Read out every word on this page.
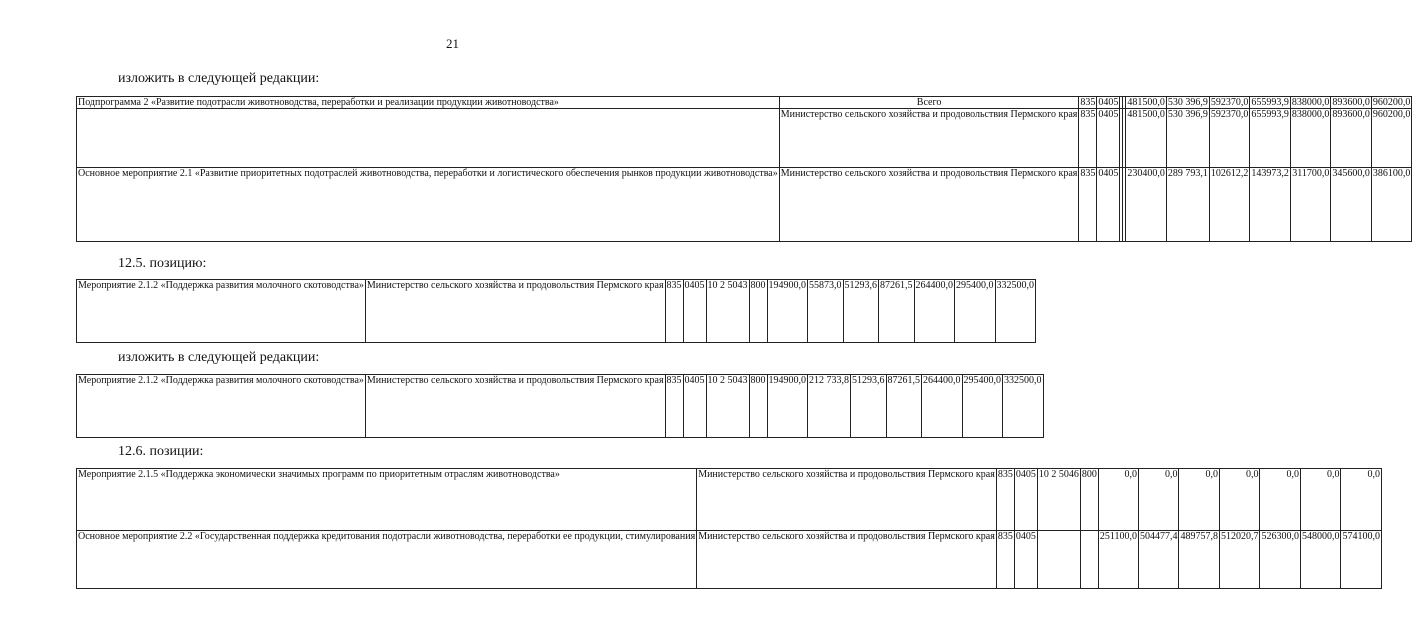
21
изложить в следующей редакции:
Подпрограмма 2 «Развитие подотрасли животноводства, переработки и реализации продукции животноводства»	Всего	835	0405			481500,0	530 396,9	592370,0	655993,9	838000,0	893600,0	960200,0
	Министерство сельского хозяйства и продовольствия Пермского края	835	0405			481500,0	530 396,9	592370,0	655993,9	838000,0	893600,0	960200,0
Основное мероприятие 2.1 «Развитие приоритетных подотраслей животноводства, переработки и логистического обеспечения рынков продукции животноводства»	Министерство сельского хозяйства и продовольствия Пермского края	835	0405			230400,0	289 793,1	102612,2	143973,2	311700,0	345600,0	386100,0
12.5. позицию:
Мероприятие 2.1.2 «Поддержка развития молочного скотоводства»	Министерство сельского хозяйства и продовольствия Пермского края	835	0405	10 2 5043	800	194900,0	55873,0	51293,6	87261,5	264400,0	295400,0	332500,0
изложить в следующей редакции:
Мероприятие 2.1.2 «Поддержка развития молочного скотоводства»	Министерство сельского хозяйства и продовольствия Пермского края	835	0405	10 2 5043	800	194900,0	212 733,8	51293,6	87261,5	264400,0	295400,0	332500,0
12.6. позиции:
Мероприятие 2.1.5 «Поддержка экономически значимых программ по приоритетным отраслям животноводства»	Министерство сельского хозяйства и продовольствия Пермского края	835	0405	10 2 5046	800	0,0	0,0	0,0	0,0	0,0	0,0	0,0
Основное мероприятие 2.2 «Государственная поддержка кредитования подотрасли животноводства, переработки ее продукции, стимулирования	Министерство сельского хозяйства и продовольствия Пермского края	835	0405			251100,0	504477,4	489757,8	512020,7	526300,0	548000,0	574100,0
